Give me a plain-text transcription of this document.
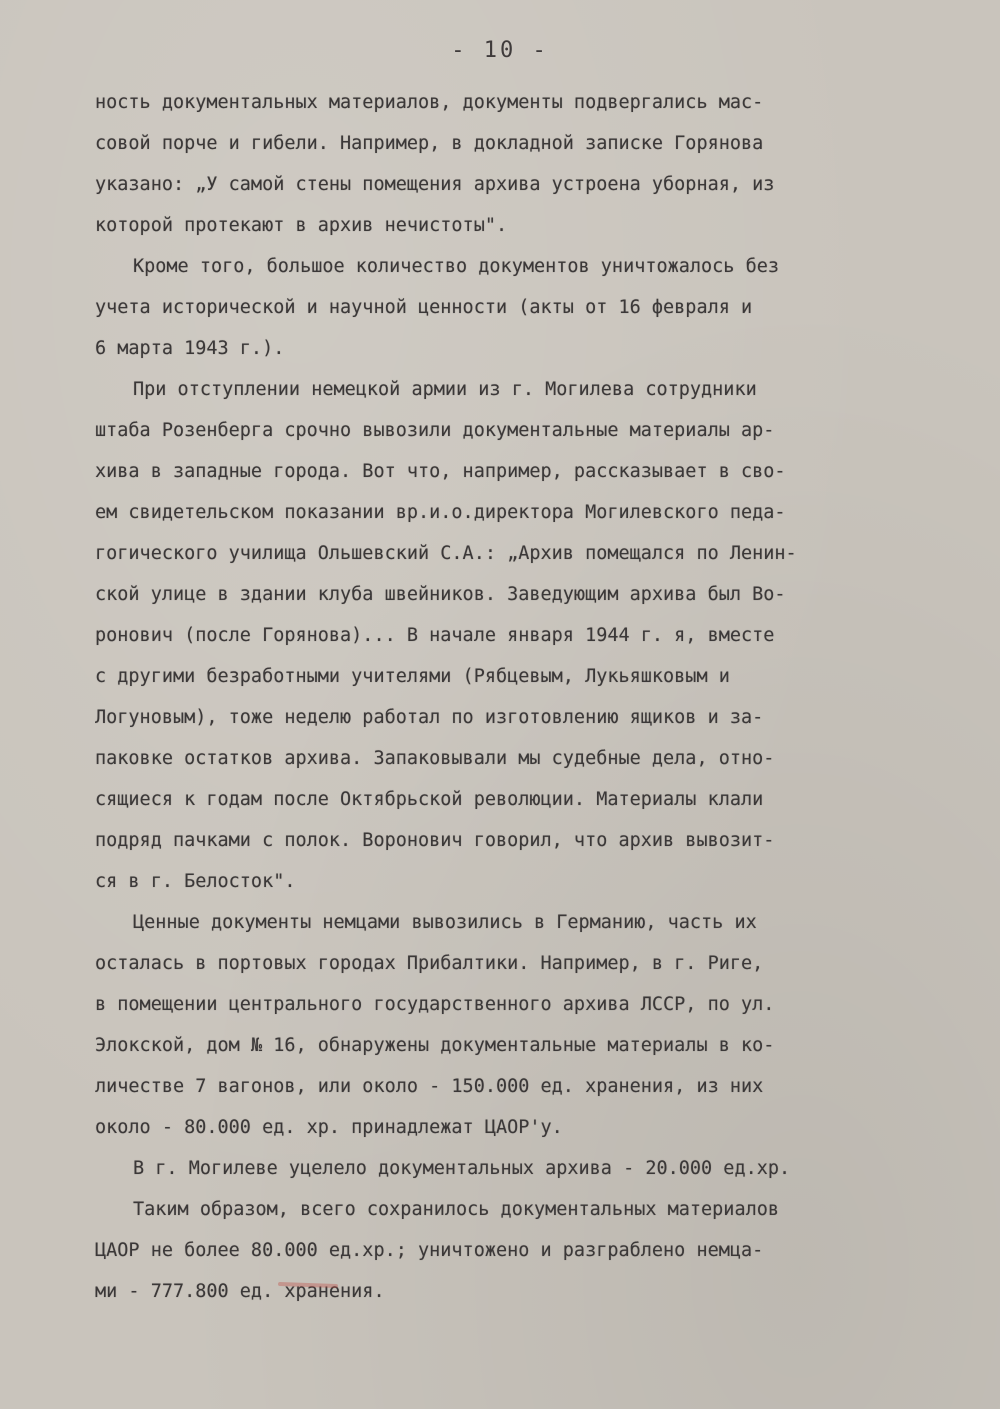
- 10 -
ность документальных материалов, документы подвергались мас-
совой порче и гибели. Например, в докладной записке Горянова
указано: „У самой стены помещения архива устроена уборная, из
которой протекают в архив нечистоты".
Кроме того, большое количество документов уничтожалось без
учета исторической и научной ценности (акты от 16 февраля и
6 марта 1943 г.).
При отступлении немецкой армии из г. Могилева сотрудники
штаба Розенберга срочно вывозили документальные материалы ар-
хива в западные города. Вот что, например, рассказывает в сво-
ем свидетельском показании вр.и.о.директора Могилевского педа-
гогического училища Ольшевский С.А.: „Архив помещался по Ленин-
ской улице в здании клуба швейников. Заведующим архива был Во-
ронович (после Горянова)... В начале января 1944 г. я, вместе
с другими безработными учителями (Рябцевым, Лукьяшковым и
Логуновым), тоже неделю работал по изготовлению ящиков и за-
паковке остатков архива. Запаковывали мы судебные дела, отно-
сящиеся к годам после Октябрьской революции. Материалы клали
подряд пачками с полок. Воронович говорил, что архив вывозит-
ся в г. Белосток".
Ценные документы немцами вывозились в Германию, часть их
осталась в портовых городах Прибалтики. Например, в г. Риге,
в помещении центрального государственного архива ЛССР, по ул.
Элокской, дом № 16, обнаружены документальные материалы в ко-
личестве 7 вагонов, или около - 150.000 ед. хранения, из них
около - 80.000 ед. хр. принадлежат ЦАОР'у.
В г. Могилеве уцелело документальных архива - 20.000 ед.хр.
Таким образом, всего сохранилось документальных материалов
ЦАОР не более 80.000 ед.хр.; уничтожено и разграблено немца-
ми - 777.800 ед. хранения.
